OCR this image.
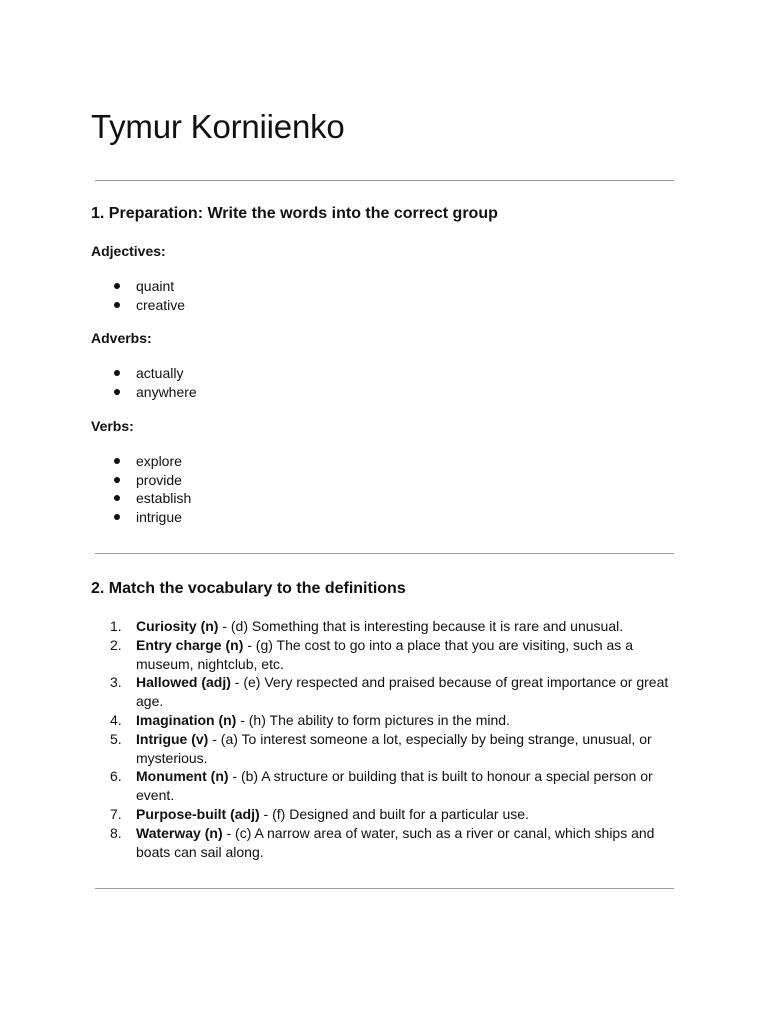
Tymur Korniienko
1. Preparation: Write the words into the correct group

Adjectives:

quaint
creative

Adverbs:

actually
anywhere

Verbs:

explore
provide
establish
intrigue
2. Match the vocabulary to the definitions
1. Curiosity (n) - (d) Something that is interesting because it is rare and unusual.
2. Entry charge (n) - (g) The cost to go into a place that you are visiting, such as a museum, nightclub, etc.
3. Hallowed (adj) - (e) Very respected and praised because of great importance or great age.
4. Imagination (n) - (h) The ability to form pictures in the mind.
5. Intrigue (v) - (a) To interest someone a lot, especially by being strange, unusual, or mysterious.
6. Monument (n) - (b) A structure or building that is built to honour a special person or event.
7. Purpose-built (adj) - (f) Designed and built for a particular use.
8. Waterway (n) - (c) A narrow area of water, such as a river or canal, which ships and boats can sail along.
